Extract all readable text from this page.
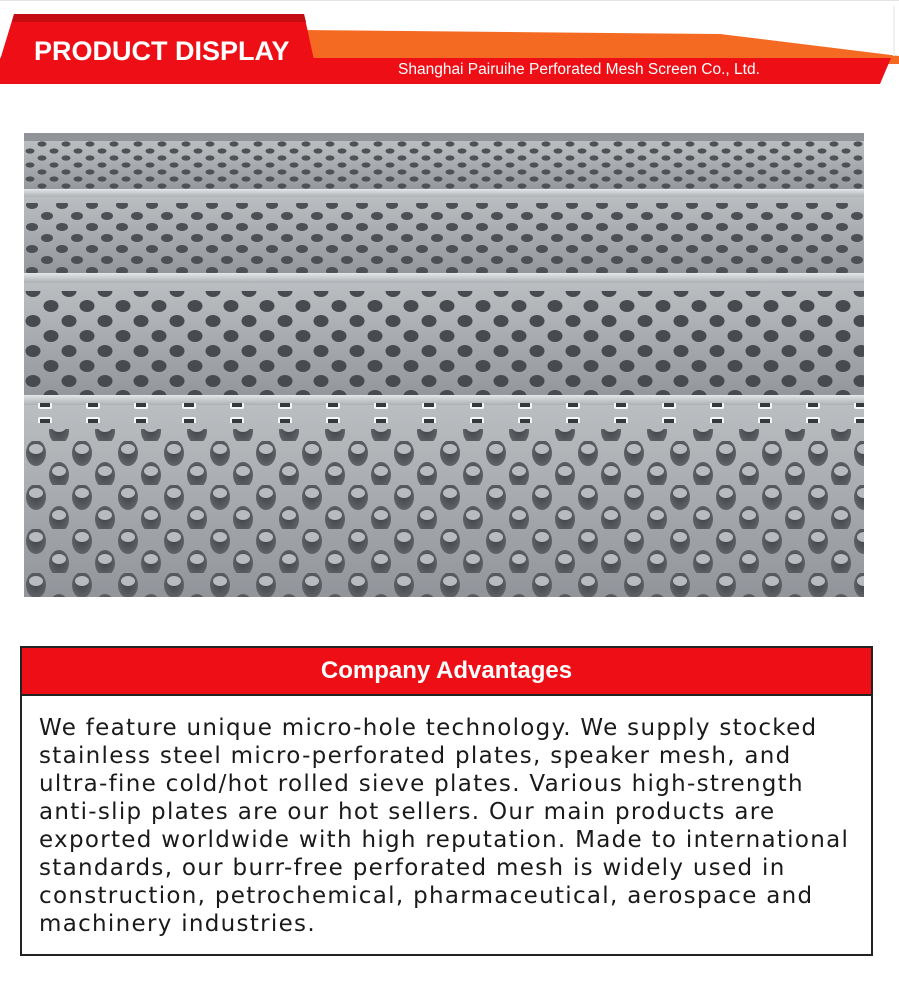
PRODUCT DISPLAY
Shanghai Pairuihe Perforated Mesh Screen Co., Ltd.
Company Advantages

We feature unique micro-hole technology. We supply stocked stainless steel micro-perforated plates, speaker mesh, and ultra-fine cold/hot rolled sieve plates. Various high-strength anti-slip plates are our hot sellers. Our main products are exported worldwide with high reputation. Made to international standards, our burr-free perforated mesh is widely used in construction, petrochemical, pharmaceutical, aerospace and machinery industries.
